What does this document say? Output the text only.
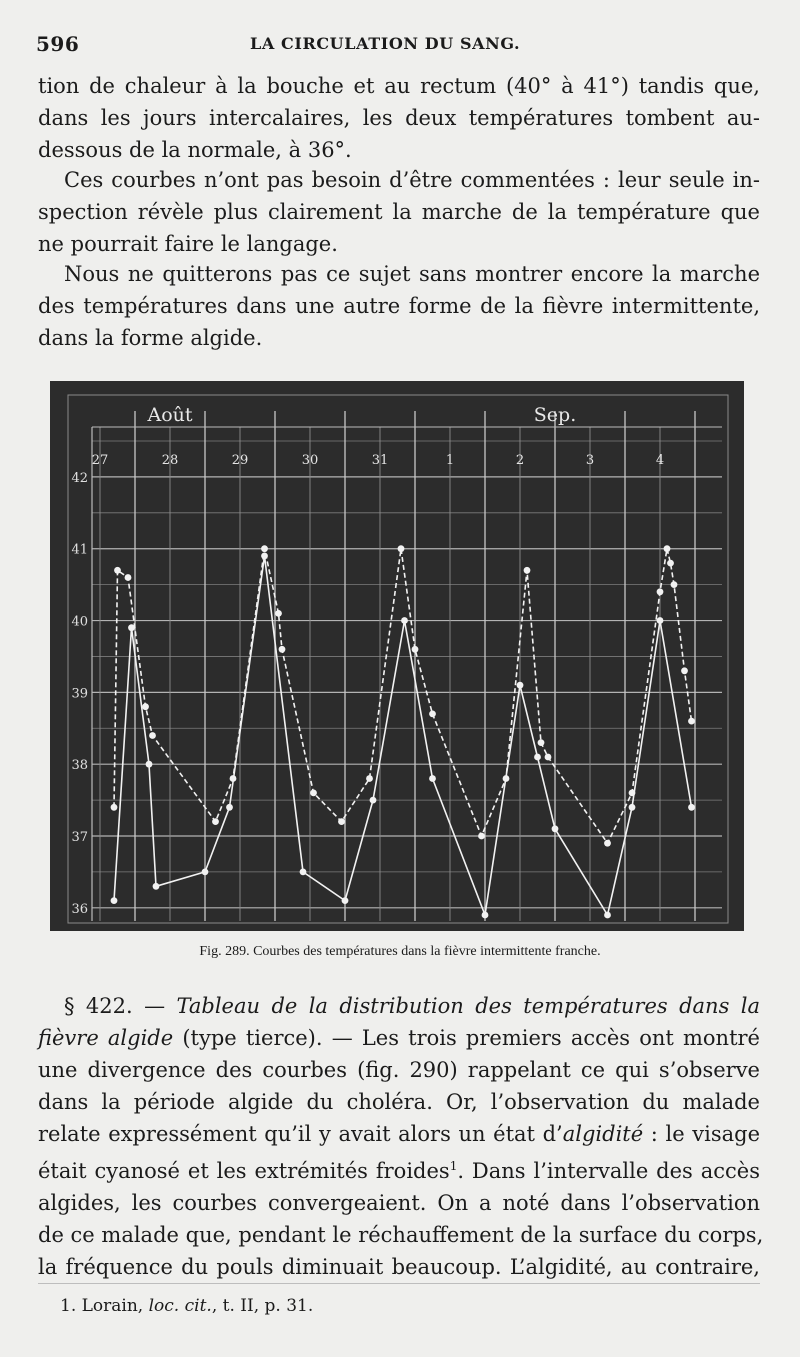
596	LA CIRCULATION DU SANG.
tion de chaleur à la bouche et au rectum (40° à 41°) tandis que,
dans les jours intercalaires, les deux températures tombent au-
dessous de la normale, à 36°.
Ces courbes n’ont pas besoin d’être commentées : leur seule in-
spection révèle plus clairement la marche de la température que
ne pourrait faire le langage.
Nous ne quitterons pas ce sujet sans montrer encore la marche
des températures dans une autre forme de la fièvre intermittente,
dans la forme algide.
Août	Sep.
27	28	29	30	31	1	2	3	4
42
41
40
39
38
37
36
Fig. 289. Courbes des températures dans la fièvre intermittente franche.
§ 422. — Tableau de la distribution des températures dans la
fièvre algide (type tierce). — Les trois premiers accès ont montré
une divergence des courbes (fig. 290) rappelant ce qui s’observe
dans la période algide du choléra. Or, l’observation du malade
relate expressément qu’il y avait alors un état d’algidité : le visage
était cyanosé et les extrémités froides$^1$. Dans l’intervalle des accès
algides, les courbes convergeaient. On a noté dans l’observation
de ce malade que, pendant le réchauffement de la surface du corps,
la fréquence du pouls diminuait beaucoup. L’algidité, au contraire,
1. Lorain, loc. cit., t. II, p. 31.
